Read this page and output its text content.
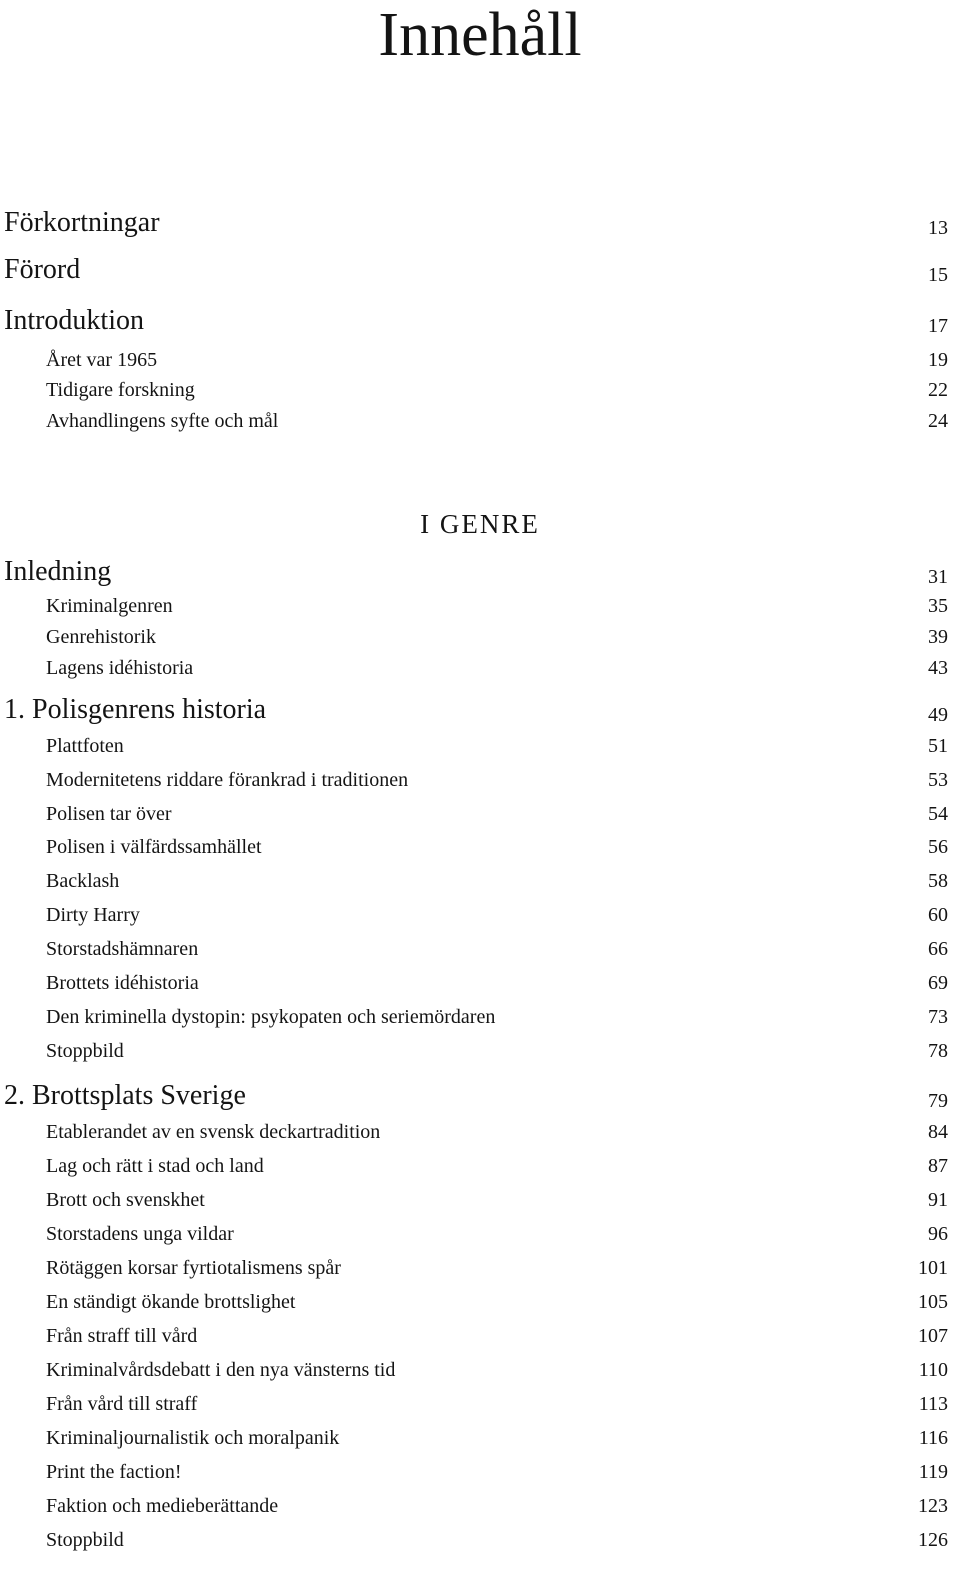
Innehåll
Förkortningar	13
Förord	15
Introduktion	17
Året var 1965	19
Tidigare forskning	22
Avhandlingens syfte och mål	24
I GENRE
Inledning	31
Kriminalgenren	35
Genrehistorik	39
Lagens idéhistoria	43
1. Polisgenrens historia	49
Plattfoten	51
Modernitetens riddare förankrad i traditionen	53
Polisen tar över	54
Polisen i välfärdssamhället	56
Backlash	58
Dirty Harry	60
Storstadshämnaren	66
Brottets idéhistoria	69
Den kriminella dystopin: psykopaten och seriemördaren	73
Stoppbild	78
2. Brottsplats Sverige	79
Etablerandet av en svensk deckartradition	84
Lag och rätt i stad och land	87
Brott och svenskhet	91
Storstadens unga vildar	96
Rötäggen korsar fyrtiotalismens spår	101
En ständigt ökande brottslighet	105
Från straff till vård	107
Kriminalvårdsdebatt i den nya vänsterns tid	110
Från vård till straff	113
Kriminaljournalistik och moralpanik	116
Print the faction!	119
Faktion och medieberättande	123
Stoppbild	126
